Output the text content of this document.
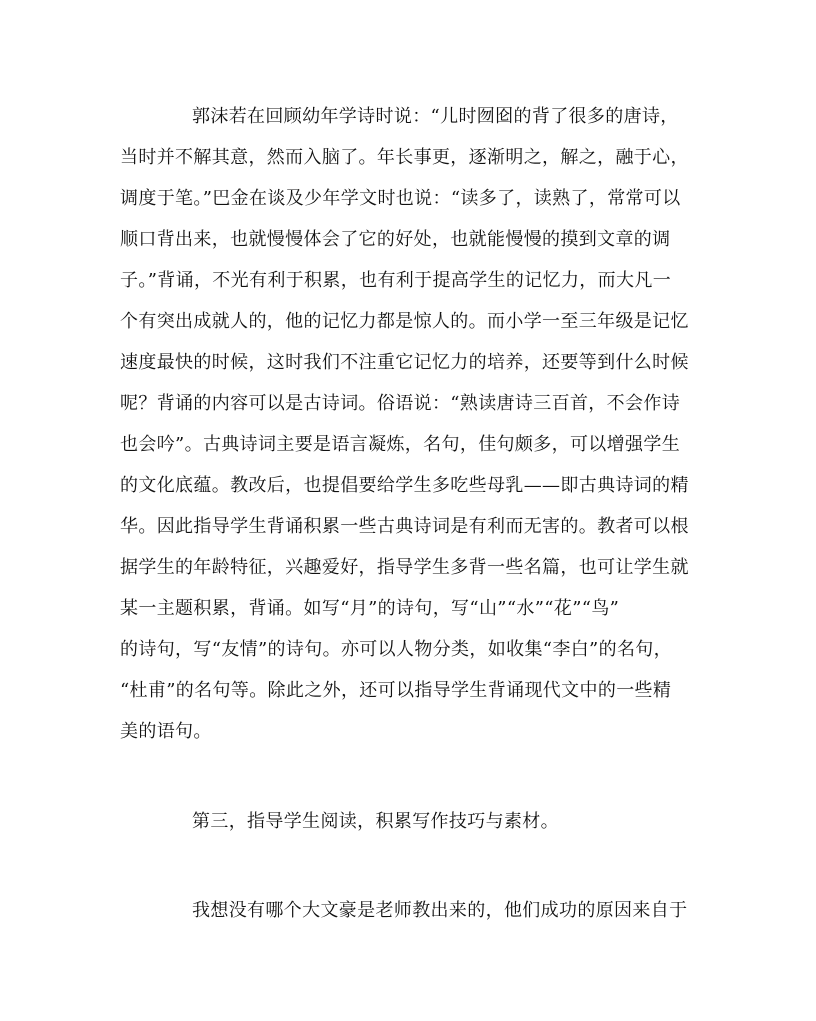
郭沫若在回顾幼年学诗时说：“儿时囫囵的背了很多的唐诗，
当时并不解其意，然而入脑了。年长事更，逐渐明之，解之，融于心，
调度于笔。”巴金在谈及少年学文时也说：“读多了，读熟了，常常可以
顺口背出来，也就慢慢体会了它的好处，也就能慢慢的摸到文章的调
子。”背诵，不光有利于积累，也有利于提高学生的记忆力，而大凡一
个有突出成就人的，他的记忆力都是惊人的。而小学一至三年级是记忆
速度最快的时候，这时我们不注重它记忆力的培养，还要等到什么时候
呢？背诵的内容可以是古诗词。俗语说：“熟读唐诗三百首，不会作诗
也会吟”。古典诗词主要是语言凝炼，名句，佳句颇多，可以增强学生
的文化底蕴。教改后，也提倡要给学生多吃些母乳——即古典诗词的精
华。因此指导学生背诵积累一些古典诗词是有利而无害的。教者可以根
据学生的年龄特征，兴趣爱好，指导学生多背一些名篇，也可让学生就
某一主题积累，背诵。如写“月”的诗句，写“山”“水”“花”“鸟”
的诗句，写“友情”的诗句。亦可以人物分类，如收集“李白”的名句，
“杜甫”的名句等。除此之外，还可以指导学生背诵现代文中的一些精
美的语句。
第三，指导学生阅读，积累写作技巧与素材。
我想没有哪个大文豪是老师教出来的，他们成功的原因来自于
